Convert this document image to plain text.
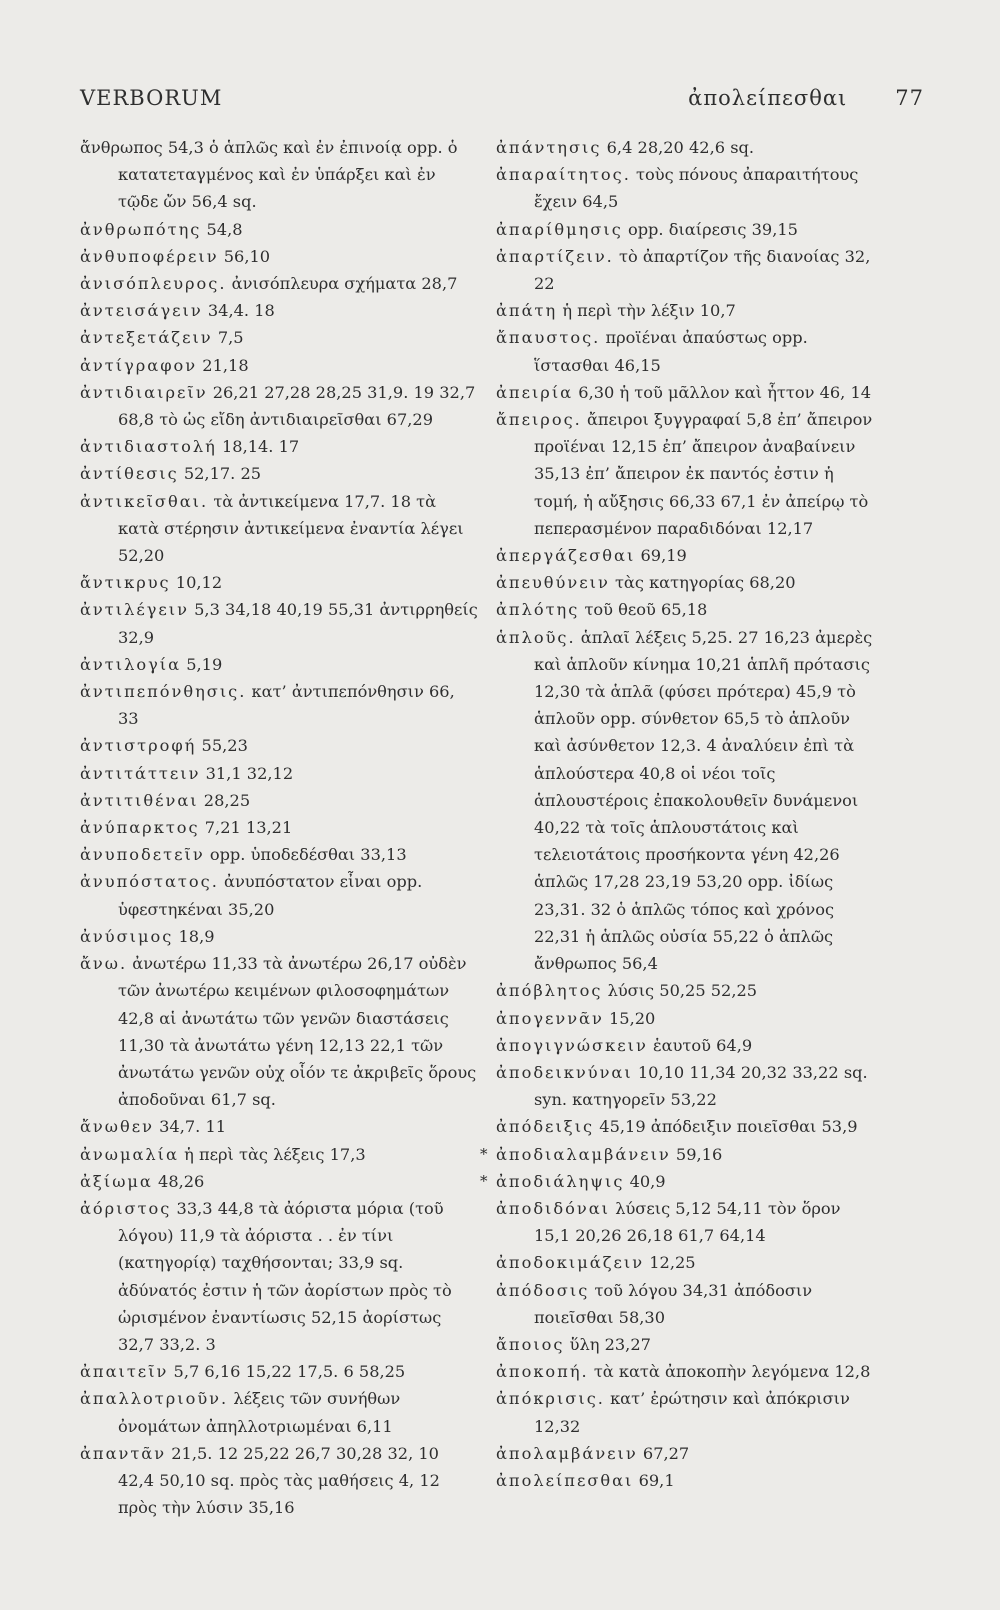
VERBORUM	ἀπολείπεσθαι 77
ἄνθρωπος 54,3 ὁ ἁπλῶς καὶ ἐν ἐπινοίᾳ opp. ὁ κατατεταγμένος καὶ ἐν ὑπάρξει καὶ ἐν τῷδε ὤν 56,4 sq.
ἀνθρωπότης 54,8
ἀνθυποφέρειν 56,10
ἀνισόπλευρος. ἀνισόπλευρα σχήματα 28,7
ἀντεισάγειν 34,4. 18
ἀντεξετάζειν 7,5
ἀντίγραφον 21,18
ἀντιδιαιρεῖν 26,21 27,28 28,25 31,9. 19 32,7 68,8 τὸ ὡς εἴδη ἀντιδιαιρεῖσθαι 67,29
ἀντιδιαστολή 18,14. 17
ἀντίθεσις 52,17. 25
ἀντικεῖσθαι. τὰ ἀντικείμενα 17,7. 18 τὰ κατὰ στέρησιν ἀντικείμενα ἐναντία λέγει 52,20
ἄντικρυς 10,12
ἀντιλέγειν 5,3 34,18 40,19 55,31 ἀντιρρηθείς 32,9
ἀντιλογία 5,19
ἀντιπεπόνθησις. κατ’ ἀντιπεπόνθησιν 66, 33
ἀντιστροφή 55,23
ἀντιτάττειν 31,1 32,12
ἀντιτιθέναι 28,25
ἀνύπαρκτος 7,21 13,21
ἀνυποδετεῖν opp. ὑποδεδέσθαι 33,13
ἀνυπόστατος. ἀνυπόστατον εἶναι opp. ὑφεστηκέναι 35,20
ἀνύσιμος 18,9
ἄνω. ἀνωτέρω 11,33 τὰ ἀνωτέρω 26,17 οὐδὲν τῶν ἀνωτέρω κειμένων φιλοσοφημάτων 42,8 αἱ ἀνωτάτω τῶν γενῶν διαστάσεις 11,30 τὰ ἀνωτάτω γένη 12,13 22,1 τῶν ἀνωτάτω γενῶν οὐχ οἷόν τε ἀκριβεῖς ὅρους ἀποδοῦναι 61,7 sq.
ἄνωθεν 34,7. 11
ἀνωμαλία ἡ περὶ τὰς λέξεις 17,3
ἀξίωμα 48,26
ἀόριστος 33,3 44,8 τὰ ἀόριστα μόρια (τοῦ λόγου) 11,9 τὰ ἀόριστα . . ἐν τίνι (κατηγορίᾳ) ταχθήσονται; 33,9 sq. ἀδύνατός ἐστιν ἡ τῶν ἀορίστων πρὸς τὸ ὡρισμένον ἐναντίωσις 52,15 ἀορίστως 32,7 33,2. 3
ἀπαιτεῖν 5,7 6,16 15,22 17,5. 6 58,25
ἀπαλλοτριοῦν. λέξεις τῶν συνήθων ὀνομάτων ἀπηλλοτριωμέναι 6,11
ἀπαντᾶν 21,5. 12 25,22 26,7 30,28 32, 10 42,4 50,10 sq. πρὸς τὰς μαθήσεις 4, 12 πρὸς τὴν λύσιν 35,16
ἀπάντησις 6,4 28,20 42,6 sq.
ἀπαραίτητος. τοὺς πόνους ἀπαραιτήτους ἔχειν 64,5
ἀπαρίθμησις opp. διαίρεσις 39,15
ἀπαρτίζειν. τὸ ἀπαρτίζον τῆς διανοίας 32, 22
ἀπάτη ἡ περὶ τὴν λέξιν 10,7
ἄπαυστος. προϊέναι ἀπαύστως opp. ἵστασθαι 46,15
ἀπειρία 6,30 ἡ τοῦ μᾶλλον καὶ ἧττον 46, 14
ἄπειρος. ἄπειροι ξυγγραφαί 5,8 ἐπ’ ἄπειρον προϊέναι 12,15 ἐπ’ ἄπειρον ἀναβαίνειν 35,13 ἐπ’ ἄπειρον ἐκ παντός ἐστιν ἡ τομή, ἡ αὔξησις 66,33 67,1 ἐν ἀπείρῳ τὸ πεπερασμένον παραδιδόναι 12,17
ἀπεργάζεσθαι 69,19
ἀπευθύνειν τὰς κατηγορίας 68,20
ἀπλότης τοῦ θεοῦ 65,18
ἁπλοῦς. ἁπλαῖ λέξεις 5,25. 27 16,23 ἀμερὲς καὶ ἁπλοῦν κίνημα 10,21 ἁπλῆ πρότασις 12,30 τὰ ἁπλᾶ (φύσει πρότερα) 45,9 τὸ ἁπλοῦν opp. σύνθετον 65,5 τὸ ἁπλοῦν καὶ ἀσύνθετον 12,3. 4 ἀναλύειν ἐπὶ τὰ ἁπλούστερα 40,8 οἱ νέοι τοῖς ἁπλουστέροις ἐπακολουθεῖν δυνάμενοι 40,22 τὰ τοῖς ἁπλουστάτοις καὶ τελειοτάτοις προσήκοντα γένη 42,26 ἁπλῶς 17,28 23,19 53,20 opp. ἰδίως 23,31. 32 ὁ ἁπλῶς τόπος καὶ χρόνος 22,31 ἡ ἁπλῶς οὐσία 55,22 ὁ ἁπλῶς ἄνθρωπος 56,4
ἀπόβλητος λύσις 50,25 52,25
ἀπογεννᾶν 15,20
ἀπογιγνώσκειν ἑαυτοῦ 64,9
ἀποδεικνύναι 10,10 11,34 20,32 33,22 sq. syn. κατηγορεῖν 53,22
ἀπόδειξις 45,19 ἀπόδειξιν ποιεῖσθαι 53,9
* ἀποδιαλαμβάνειν 59,16
* ἀποδιάληψις 40,9
ἀποδιδόναι λύσεις 5,12 54,11 τὸν ὅρον 15,1 20,26 26,18 61,7 64,14
ἀποδοκιμάζειν 12,25
ἀπόδοσις τοῦ λόγου 34,31 ἀπόδοσιν ποιεῖσθαι 58,30
ἄποιος ὕλη 23,27
ἀποκοπή. τὰ κατὰ ἀποκοπὴν λεγόμενα 12,8
ἀπόκρισις. κατ’ ἐρώτησιν καὶ ἀπόκρισιν 12,32
ἀπολαμβάνειν 67,27
ἀπολείπεσθαι 69,1
